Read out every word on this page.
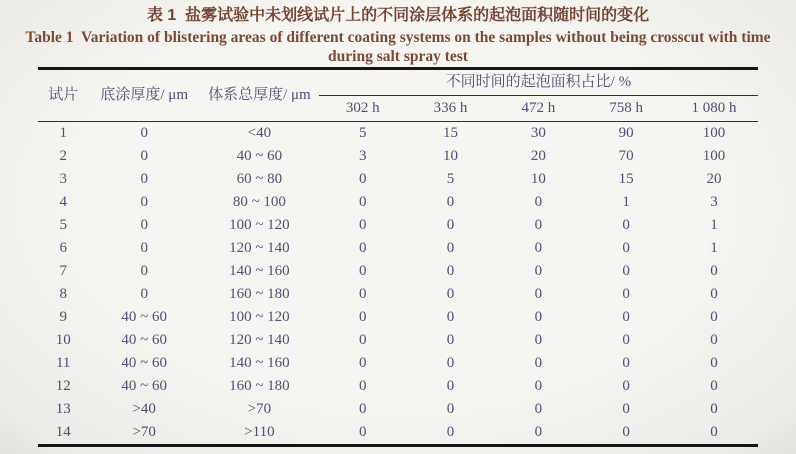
表 1  盐雾试验中未划线试片上的不同涂层体系的起泡面积随时间的变化
Table 1  Variation of blistering areas of different coating systems on the samples without being crosscut with time
during salt spray test
试片	底涂厚度/ μm	体系总厚度/ μm	不同时间的起泡面积占比/ %				
			302 h	336 h	472 h	758 h	1 080 h
1	0	<40	5	15	30	90	100
2	0	40 ~ 60	3	10	20	70	100
3	0	60 ~ 80	0	5	10	15	20
4	0	80 ~ 100	0	0	0	1	3
5	0	100 ~ 120	0	0	0	0	1
6	0	120 ~ 140	0	0	0	0	1
7	0	140 ~ 160	0	0	0	0	0
8	0	160 ~ 180	0	0	0	0	0
9	40 ~ 60	100 ~ 120	0	0	0	0	0
10	40 ~ 60	120 ~ 140	0	0	0	0	0
11	40 ~ 60	140 ~ 160	0	0	0	0	0
12	40 ~ 60	160 ~ 180	0	0	0	0	0
13	>40	>70	0	0	0	0	0
14	>70	>110	0	0	0	0	0
